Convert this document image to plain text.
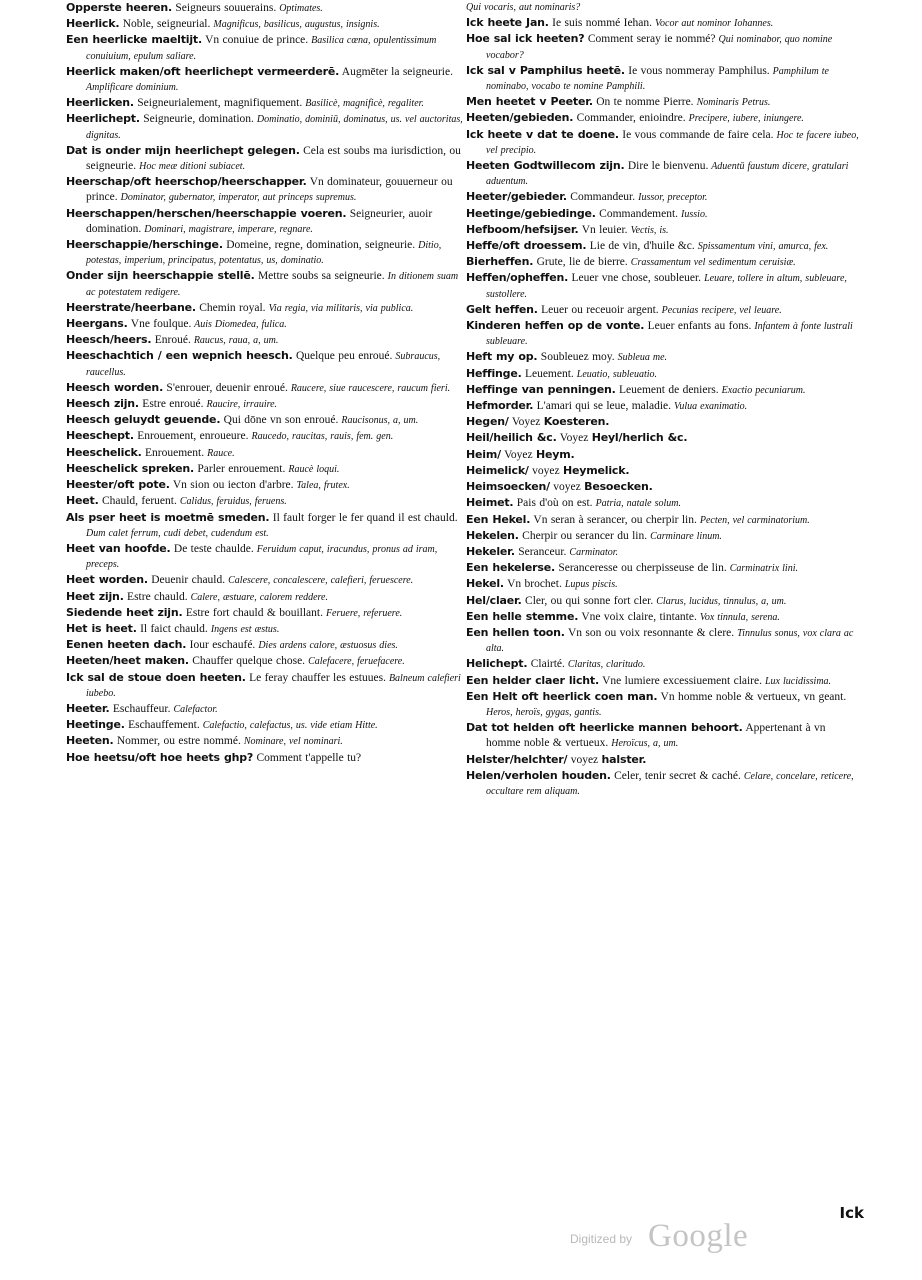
Opperste heeren. Seigneurs souuerains. Optimates.

Heerlick. Noble, seigneurial. Magnificus, basilicus, augustus, insignis.

Een heerlicke maeltijt. Vn conuiue de prince. Basilica cœna, opulentissimum conuiuium, epulum saliare.

Heerlick maken/oft heerlichept vermeerderē. Augmēter la seigneurie. Amplificare dominium.

Heerlicken. Seigneurialement, magnifiquement. Basilicè, magnificè, regaliter.

Heerlichept. Seigneurie, domination. Dominatio, dominiū, dominatus, us. vel auctoritas, dignitas.

Dat is onder mijn heerlichept gelegen. Cela est soubs ma iurisdiction, ou seigneurie. Hoc meæ ditioni subiacet.

Heerschap/oft heerschop/heerschapper. Vn dominateur, gouuerneur ou prince. Dominator, gubernator, imperator, aut princeps supremus.

Heerschappen/herschen/heerschappie voeren. Seigneurier, auoir domination. Dominari, magistrare, imperare, regnare.

Heerschappie/herschinge. Domeine, regne, domination, seigneurie. Ditio, potestas, imperium, principatus, potentatus, us, dominatio.

Onder sijn heerschappie stellē. Mettre soubs sa seigneurie. In ditionem suam ac potestatem redigere.

Heerstrate/heerbane. Chemin royal. Via regia, via militaris, via publica.

Heergans. Vne foulque. Auis Diomedea, fulica.

Heesch/heers. Enroué. Raucus, raua, a, um.

Heeschachtich / een wepnich heesch. Quelque peu enroué. Subraucus, raucellus.

Heesch worden. S'enrouer, deuenir enroué. Raucere, siue raucescere, raucum fieri.

Heesch zijn. Estre enroué. Raucire, irrauire.

Heesch geluydt geuende. Qui dōne vn son enroué. Raucisonus, a, um.

Heeschept. Enrouement, enroueure. Raucedo, raucitas, rauis, fem. gen.

Heeschelick. Enrouement. Rauce.

Heeschelick spreken. Parler enrouement. Raucè loqui.

Heester/oft pote. Vn sion ou iecton d'arbre. Talea, frutex.

Heet. Chauld, feruent. Calidus, feruidus, feruens.

Als pser heet is moetmē smeden. Il fault forger le fer quand il est chauld. Dum calet ferrum, cudi debet, cudendum est.

Heet van hoofde. De teste chaulde. Feruidum caput, iracundus, pronus ad iram, preceps.

Heet worden. Deuenir chauld. Calescere, concalescere, calefieri, feruescere.

Heet zijn. Estre chauld. Calere, æstuare, calorem reddere.

Siedende heet zijn. Estre fort chauld & bouillant. Feruere, referuere.

Het is heet. Il faict chauld. Ingens est æstus.

Eenen heeten dach. Iour eschaufé. Dies ardens calore, æstuosus dies.

Heeten/heet maken. Chauffer quelque chose. Calefacere, feruefacere.

Ick sal de stoue doen heeten. Le feray chauffer les estuues. Balneum calefieri iubebo.

Heeter. Eschauffeur. Calefactor.

Heetinge. Eschauffement. Calefactio, calefactus, us. vide etiam Hitte.

Heeten. Nommer, ou estre nommé. Nominare, vel nominari.

Hoe heetsu/oft hoe heets ghp? Comment t'appelle tu?

Qui vocaris, aut nominaris?

Ick heete Jan. Ie suis nommé Iehan. Vocor aut nominor Iohannes.

Hoe sal ick heeten? Comment seray ie nommé? Qui nominabor, quo nomine vocabor?

Ick sal v Pamphilus heetē. Ie vous nommeray Pamphilus. Pamphilum te nominabo, vocabo te nomine Pamphili.

Men heetet v Peeter. On te nomme Pierre. Nominaris Petrus.

Heeten/gebieden. Commander, enioindre. Precipere, iubere, iniungere.

Ick heete v dat te doene. Ie vous commande de faire cela. Hoc te facere iubeo, vel precipio.

Heeten Godtwillecom zijn. Dire le bienvenu. Aduentū faustum dicere, gratulari aduentum.

Heeter/gebieder. Commandeur. Iussor, preceptor.

Heetinge/gebiedinge. Commandement. Iussio.

Hefboom/hefsijser. Vn leuier. Vectis, is.

Heffe/oft droessem. Lie de vin, d'huile &c. Spissamentum vini, amurca, fex.

Bierheffen. Grute, lie de bierre. Crassamentum vel sedimentum ceruisiæ.

Heffen/opheffen. Leuer vne chose, soubleuer. Leuare, tollere in altum, subleuare, sustollere.

Gelt heffen. Leuer ou receuoir argent. Pecunias recipere, vel leuare.

Kinderen heffen op de vonte. Leuer enfants au fons. Infantem à fonte lustrali subleuare.

Heft my op. Soubleuez moy. Subleua me.

Heffinge. Leuement. Leuatio, subleuatio.

Heffinge van penningen. Leuement de deniers. Exactio pecuniarum.

Hefmorder. L'amari qui se leue, maladie. Vulua exanimatio.

Hegen/ Voyez Koesteren.

Heil/heilich &c. Voyez Heyl/herlich &c.

Heim/ Voyez Heym.

Heimelick/ voyez Heymelick.

Heimsoecken/ voyez Besoecken.

Heimet. Pais d'où on est. Patria, natale solum.

Een Hekel. Vn seran à serancer, ou cherpir lin. Pecten, vel carminatorium.

Hekelen. Cherpir ou serancer du lin. Carminare linum.

Hekeler. Seranceur. Carminator.

Een hekelerse. Seranceresse ou cherpisseuse de lin. Carminatrix lini.

Hekel. Vn brochet. Lupus piscis.

Hel/claer. Cler, ou qui sonne fort cler. Clarus, lucidus, tinnulus, a, um.

Een helle stemme. Vne voix claire, tintante. Vox tinnula, serena.

Een hellen toon. Vn son ou voix resonnante & clere. Tinnulus sonus, vox clara ac alta.

Helichept. Clairté. Claritas, claritudo.

Een helder claer licht. Vne lumiere excessiuement claire. Lux lucidissima.

Een Helt oft heerlick coen man. Vn homme noble & vertueux, vn geant. Heros, heroïs, gygas, gantis.

Dat tot helden oft heerlicke mannen behoort. Appertenant à vn homme noble & vertueux. Heroïcus, a, um.

Helster/helchter/ voyez halster.

Helen/verholen houden. Celer, tenir secret & caché. Celare, concelare, reticere, occultare rem aliquam.

Ick
Digitized by Google
